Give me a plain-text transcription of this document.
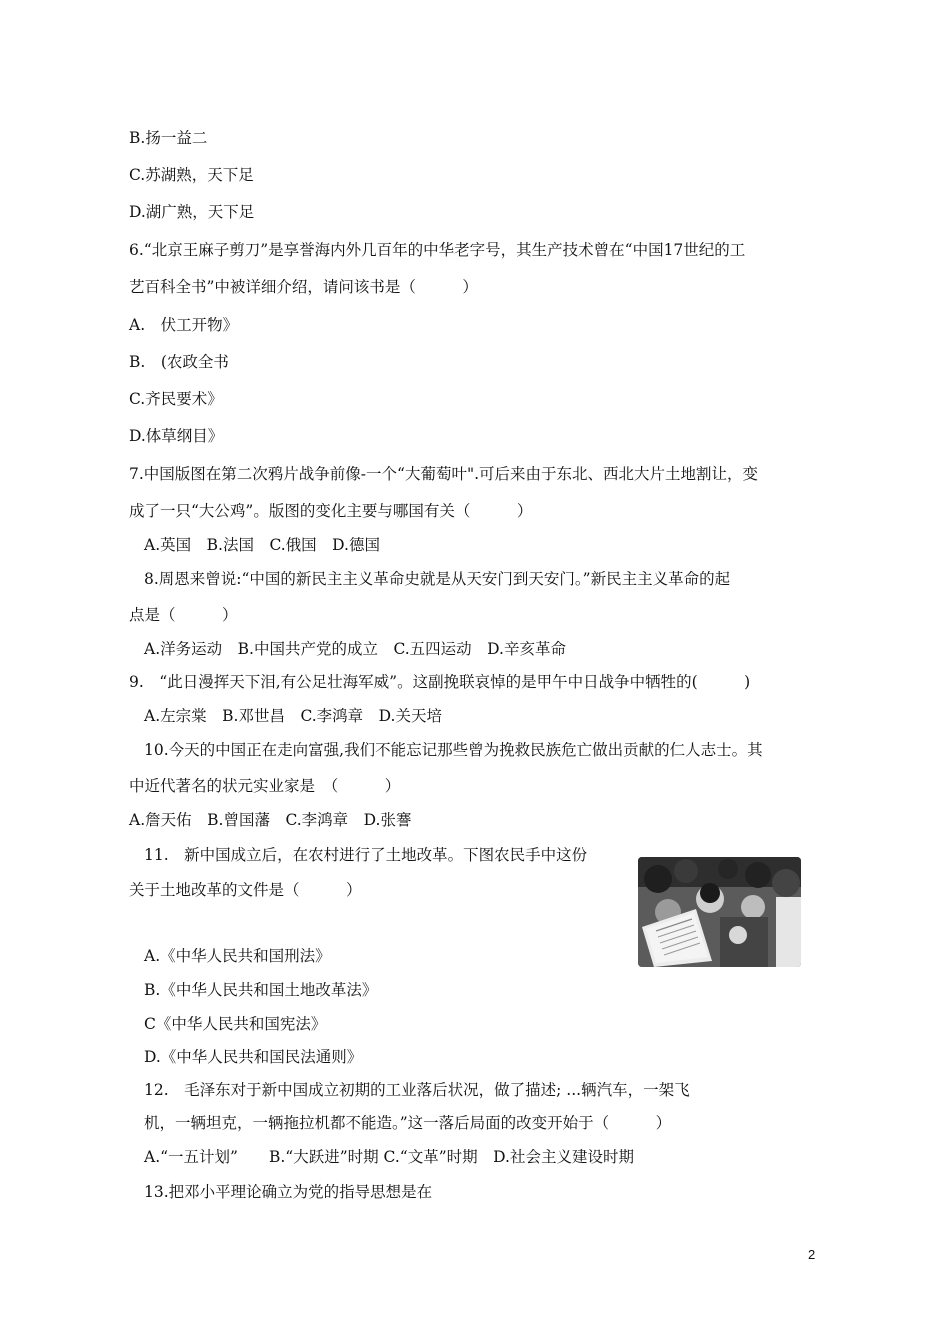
B.扬一益二
C.苏湖熟，天下足
D.湖广熟，天下足
6.“北京王麻子剪刀”是享誉海内外几百年的中华老字号，其生产技术曾在“中国17世纪的工
艺百科全书”中被详细介绍，请问该书是（　　　）
A.　伏工开物》
B.　(农政全书
C.齐民要术》
D.体草纲目》
7.中国版图在第二次鸦片战争前像-一个“大葡萄叶".可后来由于东北、西北大片土地割让，变
成了一只“大公鸡”。版图的变化主要与哪国有关（　　　）
A.英国　B.法国　C.俄国　D.德国
8.周恩来曾说:“中国的新民主主义革命史就是从天安门到天安门。”新民主主义革命的起
点是（　　　）
A.洋务运动　B.中国共产党的成立　C.五四运动　D.辛亥革命
9.　“此日漫挥天下泪,有公足壮海军威”。这副挽联哀悼的是甲午中日战争中牺牲的(　　　)
A.左宗棠　B.邓世昌　C.李鸿章　D.关天培
10.今天的中国正在走向富强,我们不能忘记那些曾为挽救民族危亡做出贡献的仁人志士。其
中近代著名的状元实业家是　（　　　）
A.詹天佑　B.曾国藩　C.李鸿章　D.张謇
11.　新中国成立后，在农村进行了土地改革。下图农民手中这份
关于土地改革的文件是（　　　）
A.《中华人民共和国刑法》
B.《中华人民共和国土地改革法》
C《中华人民共和国宪法》
D.《中华人民共和国民法通则》
12.　毛泽东对于新中国成立初期的工业落后状况，做了描述; ...辆汽车，一架飞
机，一辆坦克，一辆拖拉机都不能造。”这一落后局面的改变开始于（　　　）
A.“一五计划”　　B.“大跃进”时期 C.“文革”时期　D.社会主义建设时期
13.把邓小平理论确立为党的指导思想是在
2
